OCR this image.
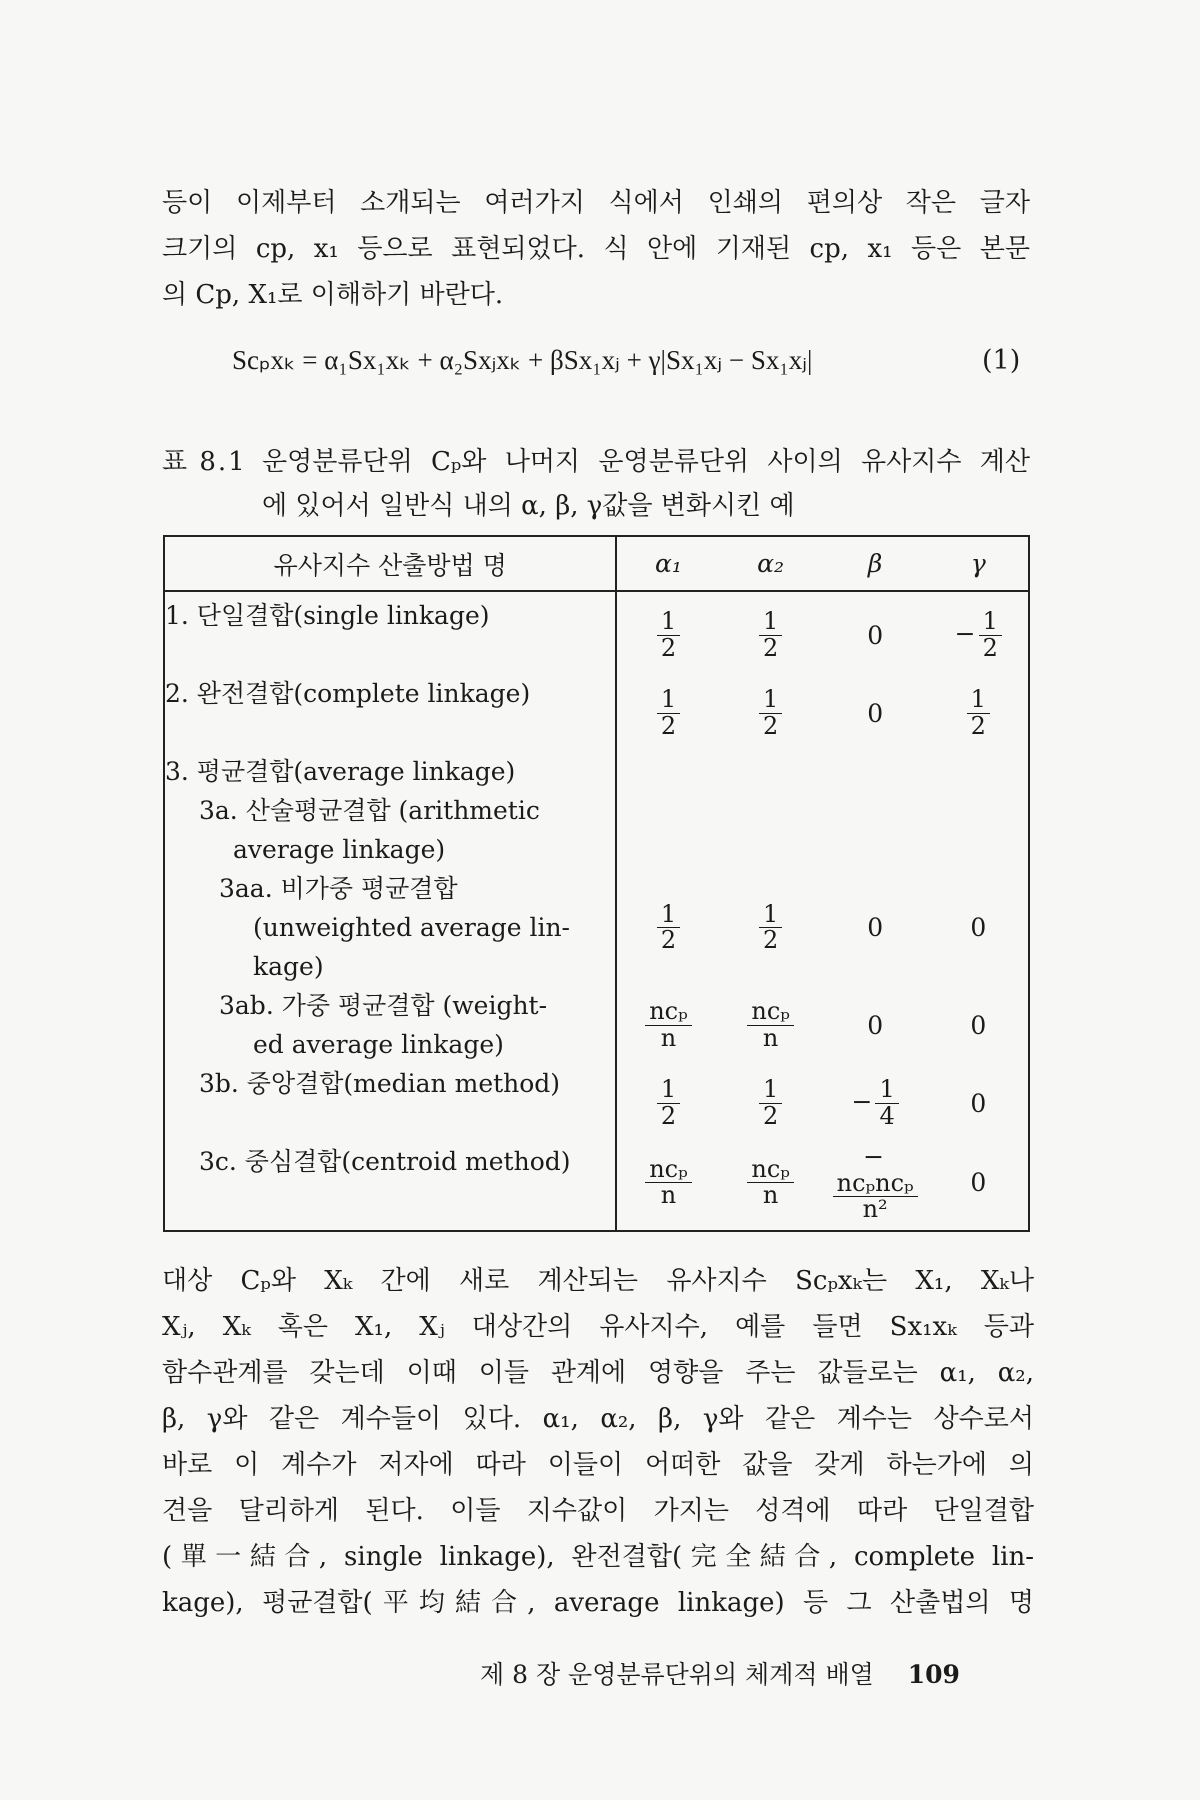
등이 이제부터 소개되는 여러가지 식에서 인쇄의 편의상 작은 글자

크기의 cp, x₁ 등으로 표현되었다. 식 안에 기재된 cp, x₁ 등은 본문

의 Cp, X₁로 이해하기 바란다.

Scₚxₖ = α₁Sx₁xₖ + α₂Sxⱼxₖ + βSx₁xⱼ + γ|Sx₁xⱼ − Sx₁xⱼ|	(1)
표 8.1 운영분류단위 Cₚ와 나머지 운영분류단위 사이의 유사지수 계산
에 있어서 일반식 내의 α, β, γ값을 변화시킨 예
유사지수 산출방법 명	α₁	α₂	β	γ
1. 단일결합(single linkage)	$\frac{1}{2}$	$\frac{1}{2}$	0	− $\frac{1}{2}$

2. 완전결합(complete linkage)	$\frac{1}{2}$	$\frac{1}{2}$	0	$\frac{1}{2}$

3. 평균결합(average linkage)				

3a. 산술평균결합 (arithmetic
average linkage)				

3aa. 비가중 평균결합
(unweighted average lin-
kage)	$\frac{1}{2}$	$\frac{1}{2}$	0	0

3ab. 가중 평균결합 (weight-
ed average linkage)	$\frac{\text{ncₚ}}{n}$	$\frac{\text{ncₚ}}{n}$	0	0
3b. 중앙결합(median method)	$\frac{1}{2}$	$\frac{1}{2}$	− $\frac{1}{4}$	0
3c. 중심결합(centroid method)	$\frac{\text{ncₚ}}{n}$	$\frac{\text{ncₚ}}{n}$	−
$\frac{\text{ncₚncₚ}}{\text{n²}}$	0

대상 Cₚ와 Xₖ 간에 새로 계산되는 유사지수 Scₚxₖ는 X₁, Xₖ나

Xⱼ, Xₖ 혹은 X₁, Xⱼ 대상간의 유사지수, 예를 들면 Sx₁xₖ 등과

함수관계를 갖는데 이때 이들 관계에 영향을 주는 값들로는 α₁, α₂,

β, γ와 같은 계수들이 있다. α₁, α₂, β, γ와 같은 계수는 상수로서

바로 이 계수가 저자에 따라 이들이 어떠한 값을 갖게 하는가에 의

견을 달리하게 된다. 이들 지수값이 가지는 성격에 따라 단일결합

(單一結合, single linkage), 완전결합(完全結合, complete lin-

kage), 평균결합(平均結合, average linkage) 등 그 산출법의 명

제 8 장 운영분류단위의 체계적 배열 109
